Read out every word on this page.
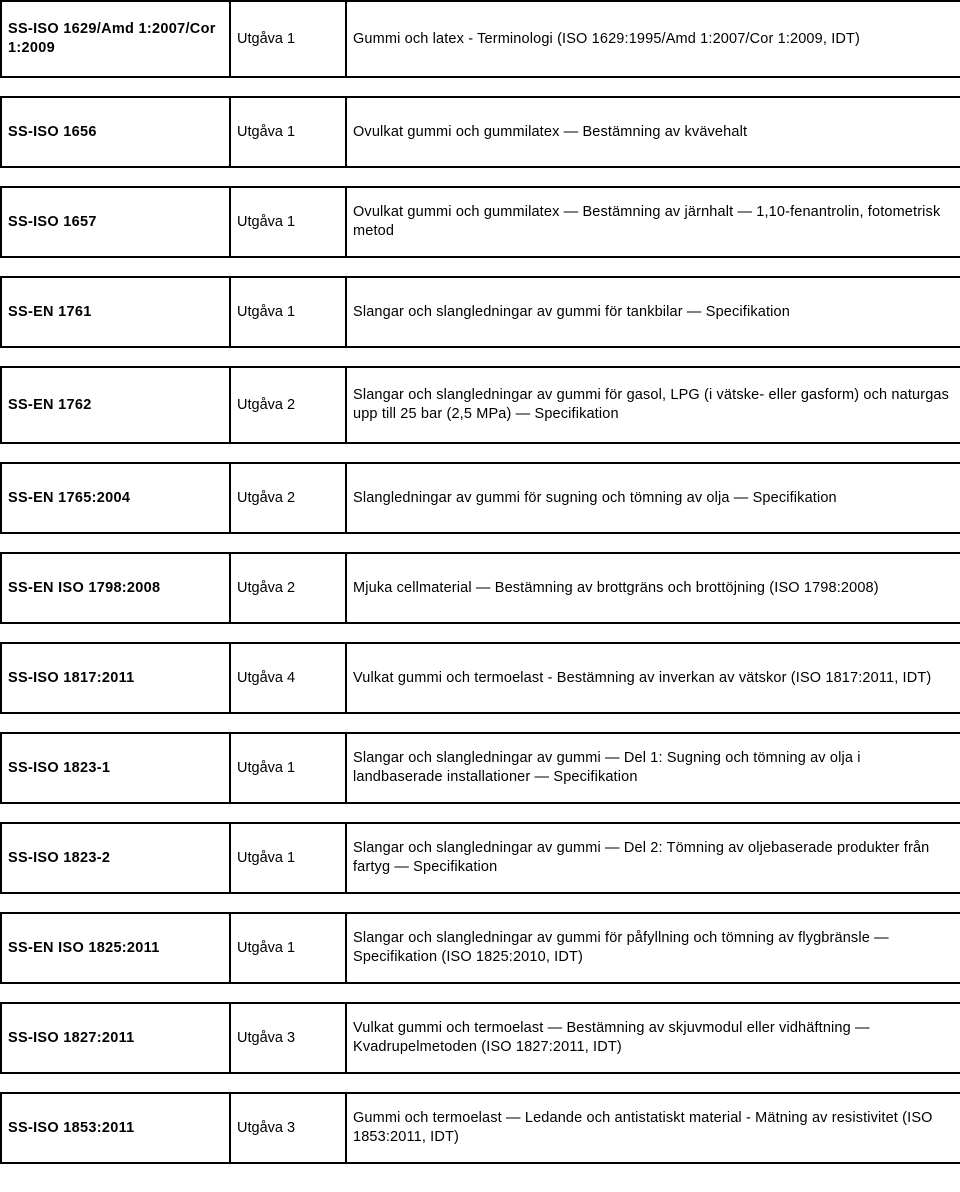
SS-ISO 1629/Amd 1:2007/Cor 1:2009	Utgåva 1	Gummi och latex - Terminologi (ISO 1629:1995/Amd 1:2007/Cor 1:2009, IDT)

SS-ISO 1656	Utgåva 1	Ovulkat gummi och gummilatex — Bestämning av kvävehalt

SS-ISO 1657	Utgåva 1	Ovulkat gummi och gummilatex — Bestämning av järnhalt — 1,10-fenantrolin, fotometrisk metod

SS-EN 1761	Utgåva 1	Slangar och slangledningar av gummi för tankbilar — Specifikation

SS-EN 1762	Utgåva 2	Slangar och slangledningar av gummi för gasol, LPG (i vätske- eller gasform) och naturgas upp till 25 bar (2,5 MPa) — Specifikation

SS-EN 1765:2004	Utgåva 2	Slangledningar av gummi för sugning och tömning av olja — Specifikation

SS-EN ISO 1798:2008	Utgåva 2	Mjuka cellmaterial — Bestämning av brottgräns och brottöjning (ISO 1798:2008)

SS-ISO 1817:2011	Utgåva 4	Vulkat gummi och termoelast - Bestämning av inverkan av vätskor (ISO 1817:2011, IDT)

SS-ISO 1823-1	Utgåva 1	Slangar och slangledningar av gummi — Del 1: Sugning och tömning av olja i landbaserade installationer — Specifikation

SS-ISO 1823-2	Utgåva 1	Slangar och slangledningar av gummi — Del 2: Tömning av oljebaserade produkter från fartyg — Specifikation

SS-EN ISO 1825:2011	Utgåva 1	Slangar och slangledningar av gummi för påfyllning och tömning av flygbränsle — Specifikation (ISO 1825:2010, IDT)

SS-ISO 1827:2011	Utgåva 3	Vulkat gummi och termoelast — Bestämning av skjuvmodul eller vidhäftning — Kvadrupelmetoden (ISO 1827:2011, IDT)

SS-ISO 1853:2011	Utgåva 3	Gummi och termoelast — Ledande och antistatiskt material - Mätning av resistivitet (ISO 1853:2011, IDT)
